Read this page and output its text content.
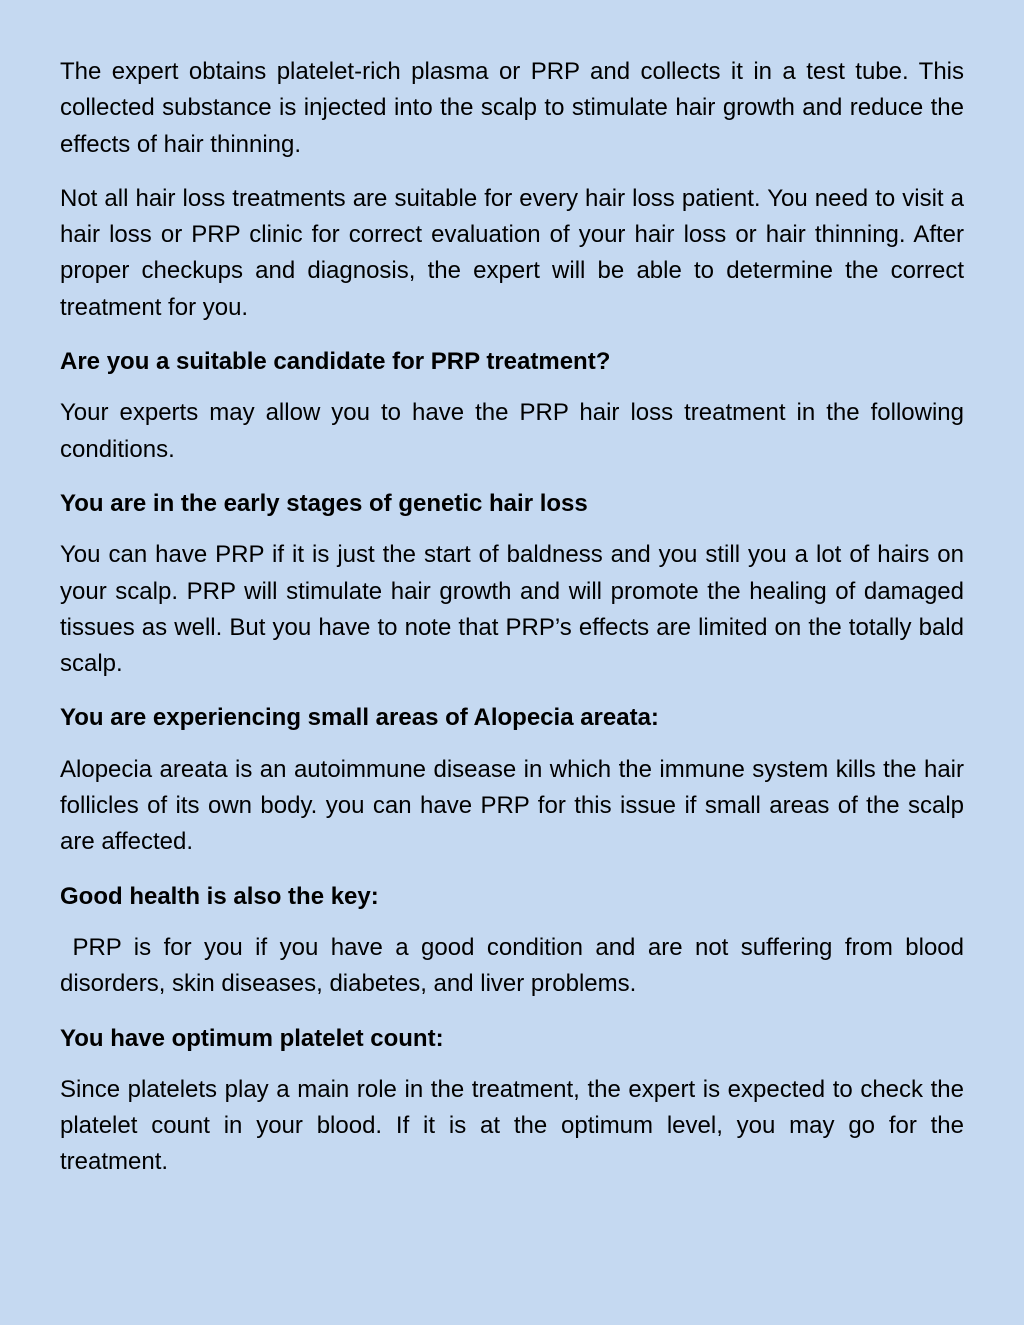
The expert obtains platelet-rich plasma or PRP and collects it in a test tube. This collected substance is injected into the scalp to stimulate hair growth and reduce the effects of hair thinning.

Not all hair loss treatments are suitable for every hair loss patient. You need to visit a hair loss or PRP clinic for correct evaluation of your hair loss or hair thinning. After proper checkups and diagnosis, the expert will be able to determine the correct treatment for you.

Are you a suitable candidate for PRP treatment?

Your experts may allow you to have the PRP hair loss treatment in the following conditions.

You are in the early stages of genetic hair loss

You can have PRP if it is just the start of baldness and you still you a lot of hairs on your scalp. PRP will stimulate hair growth and will promote the healing of damaged tissues as well. But you have to note that PRP’s effects are limited on the totally bald scalp.

You are experiencing small areas of Alopecia areata:

Alopecia areata is an autoimmune disease in which the immune system kills the hair follicles of its own body. you can have PRP for this issue if small areas of the scalp are affected.

Good health is also the key:

PRP is for you if you have a good condition and are not suffering from blood disorders, skin diseases, diabetes, and liver problems.

You have optimum platelet count:

Since platelets play a main role in the treatment, the expert is expected to check the platelet count in your blood. If it is at the optimum level, you may go for the treatment.
